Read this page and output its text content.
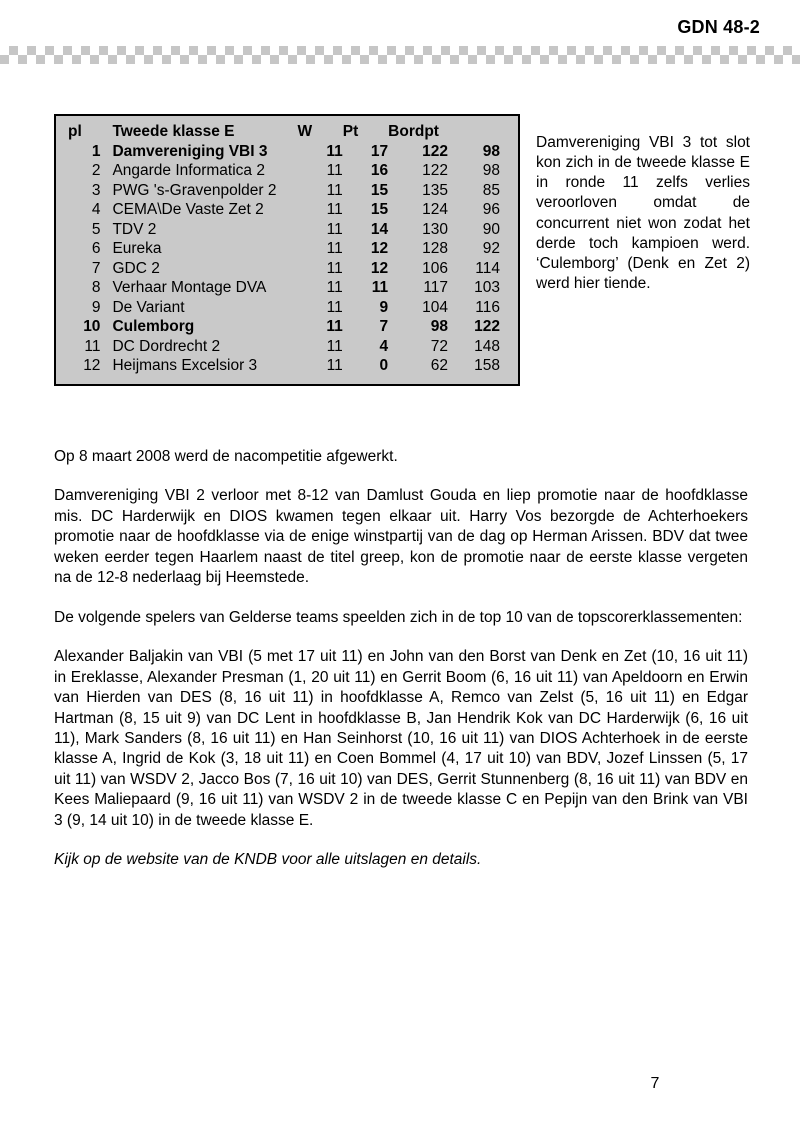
GDN 48-2
pl	Tweede klasse E	W	Pt	Bordpt	
1	Damvereniging VBI 3	11	17	122	98
2	Angarde Informatica 2	11	16	122	98
3	PWG 's-Gravenpolder 2	11	15	135	85
4	CEMA\De Vaste Zet 2	11	15	124	96
5	TDV 2	11	14	130	90
6	Eureka	11	12	128	92
7	GDC 2	11	12	106	114
8	Verhaar Montage DVA	11	11	117	103
9	De Variant	11	9	104	116
10	Culemborg	11	7	98	122
11	DC Dordrecht 2	11	4	72	148
12	Heijmans Excelsior 3	11	0	62	158
Damvereniging VBI 3 tot slot kon zich in de tweede klasse E in ronde 11 zelfs verlies veroorloven omdat de concurrent niet won zodat het derde toch kampioen werd. ‘Culemborg’ (Denk en Zet 2) werd hier tiende.

Op 8 maart 2008 werd de nacompetitie afgewerkt.

Damvereniging VBI 2 verloor met 8-12 van Damlust Gouda en liep promotie naar de hoofdklasse mis. DC Harderwijk en DIOS kwamen tegen elkaar uit. Harry Vos bezorgde de Achterhoekers promotie naar de hoofdklasse via de enige winstpartij van de dag op Herman Arissen. BDV dat twee weken eerder tegen Haarlem naast de titel greep, kon de promotie naar de eerste klasse vergeten na de 12-8 nederlaag bij Heemstede.

De volgende spelers van Gelderse teams speelden zich in de top 10 van de topscorerklassementen:

Alexander Baljakin van VBI (5 met 17 uit 11) en John van den Borst van Denk en Zet (10, 16 uit 11) in Ereklasse, Alexander Presman (1, 20 uit 11) en Gerrit Boom (6, 16 uit 11) van Apeldoorn en Erwin van Hierden van DES (8, 16 uit 11) in hoofdklasse A, Remco van Zelst (5, 16 uit 11) en Edgar Hartman (8, 15 uit 9) van DC Lent in hoofdklasse B, Jan Hendrik Kok van DC Harderwijk (6, 16 uit 11), Mark Sanders (8, 16 uit 11) en Han Seinhorst (10, 16 uit 11) van DIOS Achterhoek in de eerste klasse A, Ingrid de Kok (3, 18 uit 11) en Coen Bommel (4, 17 uit 10) van BDV, Jozef Linssen (5, 17 uit 11) van WSDV 2, Jacco Bos (7, 16 uit 10) van DES, Gerrit Stunnenberg (8, 16 uit 11) van BDV en Kees Maliepaard (9, 16 uit 11) van WSDV 2 in de tweede klasse C en Pepijn van den Brink van VBI 3 (9, 14 uit 10) in de tweede klasse E.

Kijk op de website van de KNDB voor alle uitslagen en details.

7
